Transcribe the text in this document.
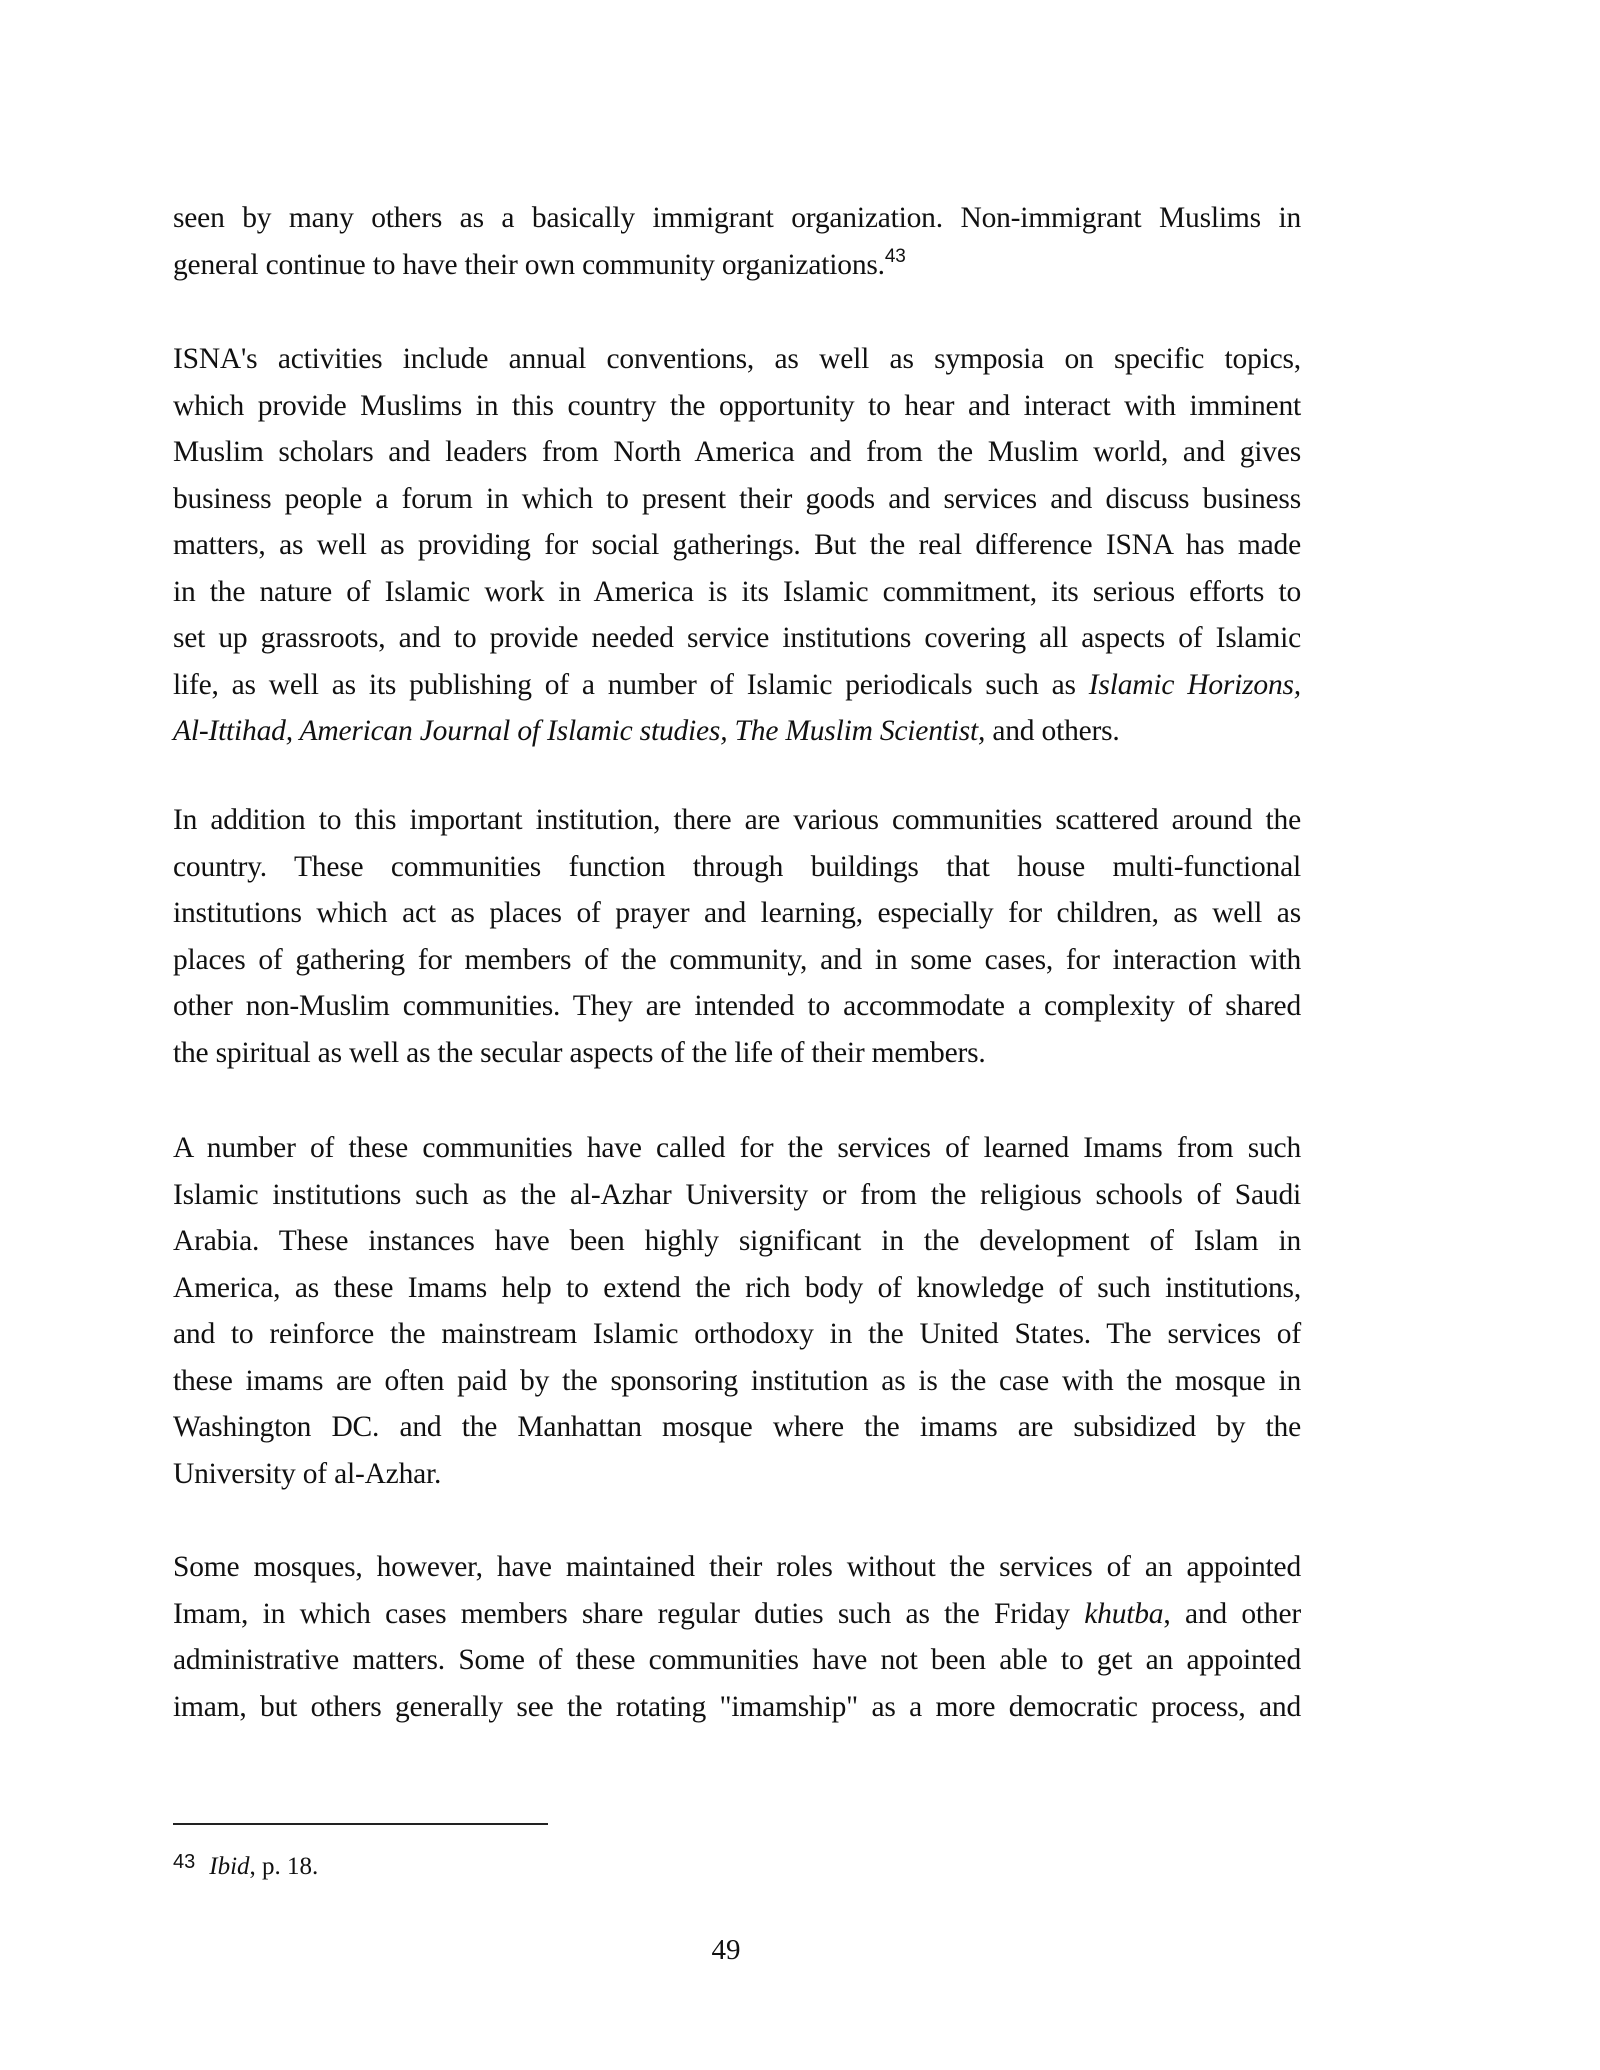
seen by many others as a basically immigrant organization. Non-immigrant Muslims in
general continue to have their own community organizations.$^{43}$
ISNA's activities include annual conventions, as well as symposia on specific topics,
which provide Muslims in this country the opportunity to hear and interact with imminent
Muslim scholars and leaders from North America and from the Muslim world, and gives
business people a forum in which to present their goods and services and discuss business
matters, as well as providing for social gatherings. But the real difference ISNA has made
in the nature of Islamic work in America is its Islamic commitment, its serious efforts to
set up grassroots, and to provide needed service institutions covering all aspects of Islamic
life, as well as its publishing of a number of Islamic periodicals such as Islamic Horizons,
Al-Ittihad, American Journal of Islamic studies, The Muslim Scientist, and others.
In addition to this important institution, there are various communities scattered around the
country. These communities function through buildings that house multi-functional
institutions which act as places of prayer and learning, especially for children, as well as
places of gathering for members of the community, and in some cases, for interaction with
other non-Muslim communities. They are intended to accommodate a complexity of shared
the spiritual as well as the secular aspects of the life of their members.
A number of these communities have called for the services of learned Imams from such
Islamic institutions such as the al-Azhar University or from the religious schools of Saudi
Arabia. These instances have been highly significant in the development of Islam in
America, as these Imams help to extend the rich body of knowledge of such institutions,
and to reinforce the mainstream Islamic orthodoxy in the United States. The services of
these imams are often paid by the sponsoring institution as is the case with the mosque in
Washington DC. and the Manhattan mosque where the imams are subsidized by the
University of al-Azhar.
Some mosques, however, have maintained their roles without the services of an appointed
Imam, in which cases members share regular duties such as the Friday khutba, and other
administrative matters. Some of these communities have not been able to get an appointed
imam, but others generally see the rotating "imamship" as a more democratic process, and
$^{43}$ Ibid, p. 18.
49
